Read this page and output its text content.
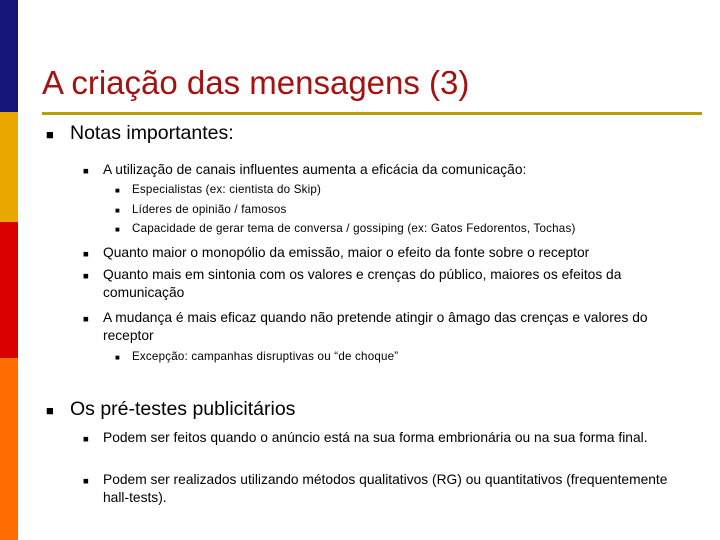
A criação das mensagens (3)
■ Notas importantes:
■	A utilização de canais influentes aumenta a eficácia da comunicação:
■	Especialistas (ex: cientista do Skip)
■	Líderes de opinião / famosos
■	Capacidade de gerar tema de conversa / gossiping (ex: Gatos Fedorentos, Tochas)
■	Quanto maior o monopólio da emissão, maior o efeito da fonte sobre o receptor
■	Quanto mais em sintonia com os valores e crenças do público, maiores os efeitos da comunicação
■	A mudança é mais eficaz quando não pretende atingir o âmago das crenças e valores do receptor
■	Excepção: campanhas disruptivas ou “de choque”
■ Os pré-testes publicitários
■	Podem ser feitos quando o anúncio está na sua forma embrionária ou na sua forma final.
■	Podem ser realizados utilizando métodos qualitativos (RG) ou quantitativos (frequentemente hall-tests).
